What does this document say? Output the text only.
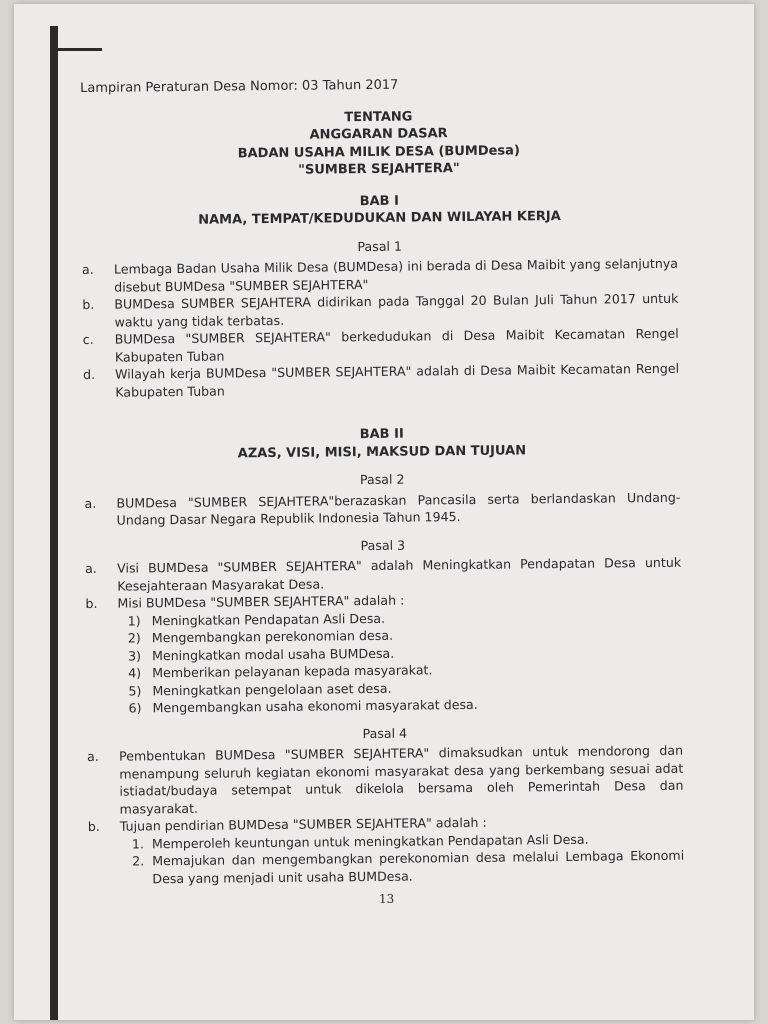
Lampiran Peraturan Desa Nomor: 03 Tahun 2017
TENTANG
ANGGARAN DASAR
BADAN USAHA MILIK DESA (BUMDesa)
"SUMBER SEJAHTERA"
BAB I
NAMA, TEMPAT/KEDUDUKAN DAN WILAYAH KERJA
Pasal 1
a.	Lembaga Badan Usaha Milik Desa (BUMDesa) ini berada di Desa Maibit yang selanjutnya disebut BUMDesa "SUMBER SEJAHTERA"
b.	BUMDesa SUMBER SEJAHTERA didirikan pada Tanggal 20 Bulan Juli Tahun 2017 untuk waktu yang tidak terbatas.
c.	BUMDesa "SUMBER SEJAHTERA" berkedudukan di Desa Maibit Kecamatan Rengel Kabupaten Tuban
d.	Wilayah kerja BUMDesa "SUMBER SEJAHTERA" adalah di Desa Maibit Kecamatan Rengel Kabupaten Tuban
BAB II
AZAS, VISI, MISI, MAKSUD DAN TUJUAN
Pasal 2
a.	BUMDesa "SUMBER SEJAHTERA"berazaskan Pancasila serta berlandaskan Undang-Undang Dasar Negara Republik Indonesia Tahun 1945.
Pasal 3
a.	Visi BUMDesa "SUMBER SEJAHTERA" adalah Meningkatkan Pendapatan Desa untuk Kesejahteraan Masyarakat Desa.
b.	Misi BUMDesa "SUMBER SEJAHTERA" adalah :
1) Meningkatkan Pendapatan Asli Desa.
2) Mengembangkan perekonomian desa.
3) Meningkatkan modal usaha BUMDesa.
4) Memberikan pelayanan kepada masyarakat.
5) Meningkatkan pengelolaan aset desa.
6) Mengembangkan usaha ekonomi masyarakat desa.
Pasal 4
a.	Pembentukan BUMDesa "SUMBER SEJAHTERA" dimaksudkan untuk mendorong dan menampung seluruh kegiatan ekonomi masyarakat desa yang berkembang sesuai adat istiadat/budaya setempat untuk dikelola bersama oleh Pemerintah Desa dan masyarakat.
b.	Tujuan pendirian BUMDesa "SUMBER SEJAHTERA" adalah :
1. Memperoleh keuntungan untuk meningkatkan Pendapatan Asli Desa.
2. Memajukan dan mengembangkan perekonomian desa melalui Lembaga Ekonomi Desa yang menjadi unit usaha BUMDesa.
13
